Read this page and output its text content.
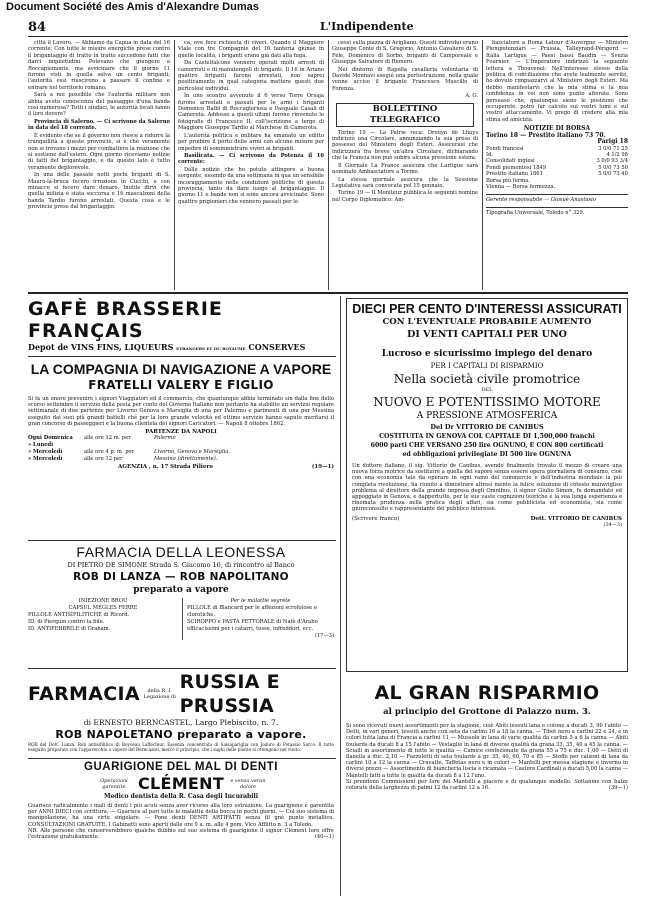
Document Société des Amis d'Alexandre Dumas
84	L'Indipendente

città il Lavoro. — Abbiamo da Capua in data del 16 corrente: Con tutte le misure energiche prese contro il brigantaggio di tratto in tratto succedono fatti che darci inquietudini. Potevano che giungere a Roccapiemonte, ma avvicinare che il giorno 11 furono visti in quella selva un cento briganti; l'autorità essi riuscirono a passare il confine e entrare nel territorio romano.

Sarà a noi possibile che l'autorità militare non abbia avuto conoscenza del passaggio d'una banda così numerosa? Tutti i sindaci, le autorità locali fanno il loro dovere?

Provincia di Salerno. — Ci scrivono da Salerno in data del 18 corrente.

È evidente che se il governo non riesce a ridurre la tranquillità a queste provincie, si è che veramente non si trovano i mezzi per combattere la reazione che si sostiene dall'estero. Ogni giorno riceviamo notizie di fatti del brigantaggio, e da questo lato è tutto veramente deplorevole.

In una delle passate notti pochi briganti di S. Mauro-la-bruca fecero irruzione in Cucchi, e con minacce si fecero dare denaro. Inutile dirvi che quella milizia è stata soccorsa e 16 mascalzoni della banda Tardio furono arrestati. Questa cosa e le provincie prese dal brigantaggio.

ca, ove fece richiesta di viveri. Quando il Maggiore Viale con tre Compagnie del 16 fanteria giunse in quelle località, i briganti erano già dati alla fuga.

Da Castelfalcone vennero operati molti arresti di camorristi e di manutengoli di briganti. Il 16 in Ariano quattro briganti furono arrestati, non saprei positivamente in qual categoria mettere questi due pericolosi individui.

In uno scontro avvenuto il 6 verso Torre Orsaja furono arrestati e passati per le armi i briganti Domenico Balbi di Roccagloriosa e Pasquale Casali di Camerota. Addosso a questi ultimi furono rinvenute le fotografie di Francesco II, coll'iscrizione a tergo di Maggiore Giuseppe Tardio al Marchese di Camerota.

L'autorità politica e militare ha emanato un editto per proibire il porto delle armi con alcune misure per impedire di somministrare viveri ai briganti.

Basilicata. — Ci scrivono da Potenza il 16 corrente:

Dalle notizie che ho potuto attingere a buona sorgente, essendo da una settimana in qua un sensibile incoraggiamento nelle condizioni politiche di questa provincia, tanto da dare luogo al brigantaggio. Il giorno 11 e bande non si sono ancora avvicinate. Sono quattro prigionieri che vennero passati per le

cessi sulla piazza di Avigliano. Questi individui erano Giuseppe Conte di S. Gregorio, Antonio Cavaliere di S. Fele, Domenico di Sorbo, briganti di Camporeale e Giuseppe Salvatore di Rionero.

Nei dintorni di Rapolla cavalleria volontaria di Davide Monnavi eseguì una perlustrazione, nella quale venne ucciso il brigante Francesco Muscillo di Forenza.

A. G.

BOLLETTINO TELEGRAFICO

Torino 19 — La Patrie reca: Drouyn de Lhuys indirizzò una Circolare, annunziando la sua presa di possesso del Ministero degli Esteri. Assicurasi che indirizzerà fra breve un'altra Circolare, dichiarando che la Francia non può subire alcuna pressione estera.

Il Giornale La France assicura che Lartigue sarà nominato Ambasciatore a Torino.

La stessa giornale assicura che la Sessione Legislativa sarà convocata pel 15 gennaio.

Torino 19 — Il Moniteur pubblica le seguenti nomine nel Corpo Diplomatico: Am-

basciatore a Roma Latour d'Auvergne — Ministro Plenipotenziari — Prussia, Talleyrand-Périgord — Italia Lartigue — Paesi bassi Baudin — Svezia Fournier. — L'Imperatore indirizzò la seguente lettera a Thouvenel: Nell'interesse stesso della politica di conciliazione che avete lealmente servito, ho dovuto rimpiazzarvi al Ministero degli Esteri. Ma debbo manifestarvi che la mia stima e la mia confidenza in voi non sono punto alterate. Sono persuaso che, qualunque sieno le posizioni che occuperete, potrò far calcolo sui vostri lumi e sul vostro attaccamento. Vi prego di credere alla mia stima ed amicizia.

NOTIZIE DI BORSA
Torino 18 — Prestito italiano 73 70.
Parigi 18
Fondi francesi	3 0/0 71 25
Id.	4 1/2 98
Consolidati inglesi	3 0/0 93 3/4
Fondi piemontesi 1849	5 0/0 73 50
Prestito italiano 1861	5 0/0 73 40
Borsa più ferma.
Vienna — Borsa fermezza.
Gerente responsabile — Giosuè Anastasio
Tipografia Universale, Toledo n° 329.
GAFÈ BRASSERIE FRANÇAIS
Depot de VINS FINS, LIQUEURS ETRANGERS ET DU ROYAUME CONSERVES
LA COMPAGNIA DI NAVIGAZIONE A VAPORE
FRATELLI VALERY E FIGLIO
Si fa un onore prevenire i signori Viaggiatori ed il commercio, che quantunque abbia terminato sin dalla fine dello scorso settembre il servizio della posta per conto del Governo Italiano non pertanto ha stabilito un servizio regolare settimanale di due partenze per Livorno Genova e Marsiglia di una per Palermo e parimenti di una per Messina eseguito dai suoi più grandi battelli ché per la loro grande velocità ed ottimo servizio hanno saputo meritarsi il gran concorso di passeggieri e la buona clientela dei signori Caricatori. — Napoli 8 ottobre 1862.
PARTENZE DA NAPOLI
Ogni Domenica	alle ore 12 m. per	Palermo
» Lunedì
» Mercoledì	alle ore 4 p. m. per	Livorno, Genova e Marsiglia.
» Mercoledì	alle ore 12 per	Messina (direttamente).
AGENZIA , n. 17 Strada Piliero	(19—1)
FARMACIA DELLA LEONESSA
DI PIETRO DE SIMONE Strada S. Giacomo 16, di rincontro al Banco
ROB DI LANZA — ROB NAPOLITANO
preparato a vapore
INIEZIONE BROU
CAPSUL MEGLES FERRE
PILLOLE ANTISIFILITICHE di Ricord.
ID. di Pierquin contro la bile.
ID. ANTIFEBBRILE di Graham.
Per le malattie segrete
PILLOLE di Blancard per le affezioni scrofolose e clorotiche.
SCIROPPO e PASTA PETTORALE di Nafè d'Arabo efficacissimi per i catarri, tosse, infreddori, ecc.
(17—3)
FARMACIA	della R. I. Legazione di
RUSSIA E PRUSSIA
di ERNESTO BERNCASTEL, Largo Plebiscito, n. 7.
ROB NAPOLETANO preparato a vapore.
ROB del Dott. Lanza, Rob antisifilitico di Boyveau Laffecteur, Essenza concentrata di Salsapariglia con Joduro di Potassio Sarco. Il tutto eseguito preparato con l'apparecchio a vapore del Berncastel, merce il principio, che i sughi delle piante si ottengono nel vuoto.
GUARIGIONE DEL MAL DI DENTI
Operazioni garentite CLÉMENT	e senza verun dolore
Medico dentista della R. Casa degli Incurabili
Guarisce radicalmente i mali di denti i più acuti senza aver ricorso alla loro estrazione. La guarigione è garentita per ANNI DIECI con scrittura. — Guarisce al pari tutte le malattie della bocca in pochi giorni. — Col suo sistema di manipolazione, ha una virtù singolare. — Pone denti DENTI ARTIFATTI senza fil gnè punto metallico. CONSULTAZIONI GRATUITE. I Gabinetti sono aperti dalle ore 9 a. m. alle 4 pom. Vico Afflitto n. 3 a Toledo.
NB. Alle persone che conserverebbero qualche dubbio sul suo sistema di guarigione il signor Clément loro offre l'estrazione gratuitamente.	(40—1)
DIECI PER CENTO D'INTERESSI ASSICURATI
CON L'EVENTUALE PROBABILE AUMENTO
DI VENTI CAPITALI PER UNO
Lucroso e sicurissimo impiego del denaro
PER I CAPITALI DI RISPARMIO
Nella società civile promotrice
DEL
NUOVO E POTENTISSIMO MOTORE
A PRESSIONE ATMOSFERICA
Del Dr VITTORIO DE CANIBUS
COSTITUITA IN GENOVA COL CAPITALE DI 1,500,000 franchi
6000 parti CHE VERSANO 250 lire OGNUNO, E CON 800 certificati
ed obbligazioni privilegiate DI 500 lire OGNUNA
Un dottore italiano, il sig. Vittorio de Canibus, avendo finalmente trovato il mezzo di creare una nuova forza motrice da sostituire a quella del vapore senza essere opera giornaliera di consumo, cioè con una economia tale da operare in ogni ramo del commercio e dell'industria mondiale la più completa rivoluzione, ha riunito a dimostrare altresì mente la felice soluzione di cotesto maravigliso problema al direttore della grande impresa degli Omnibus, il signor Giulio Simon, fu domandato ed appoggiato in Genova, e dappertutto, per le sue vaste cognizioni teoriche e la sua lunga esperienza e rinomata prudenza nella pratica degli affari, sia come pubblicista ed economista, sia come giureconsulto e rappresentante del pubblico interesse.
(Scrivere franco)	Dott. VITTORIO DE CANIBUS
(34—3)
AL GRAN RISPARMIO
al principio del Grottone di Palazzo num. 3.
Si sono ricevuti nuovi assortimenti per la stagione, cioè Abiti tessuti lana e cotone a ducati 3, 90 l'abito — Detti, in vari generi, tessuti anche con seta da carlini 16 a 18 la canna. — Tibet nero a carlini 22 e 24, e in colori tutta lana di Francia a carlini 11 — Mussole in lana di varie qualità da carlini 5 a 6 la canna — Abiti foulards da ducati 8 a 15 l'abito — Vestaglie in lana di diverse qualità da grana 33, 35, 40 a 45 la canna. — Scialli in assortimento di tutte le qualità — Camice confezionate da grana 55 a 75 e duc. 1,00 — Detti di flanella a duc. 2,10 — Fazzoletti di seta foulards a gr. 35, 40, 60, 70 e 85 — Stoffe per calzoni di lana da carlini 10 a 12 la canna — Cravatte, Taffetas nero e in colori — Mantelli per messa stagione e inverno in diversi prezzi — Assortimento di biancheria liscia e ricamata — Castore Cardinali a ducati 5,00 la canna — Mantelli fatti a tutte le qualità da ducati 8 a 12 l'uno.
Si prendono Commissioni per fare dei Mantelli a piacere e di qualunque modello. Sottanine con balze colorate della larghezza di palmi 12 da carlini 12 a 16.	(39—1)
